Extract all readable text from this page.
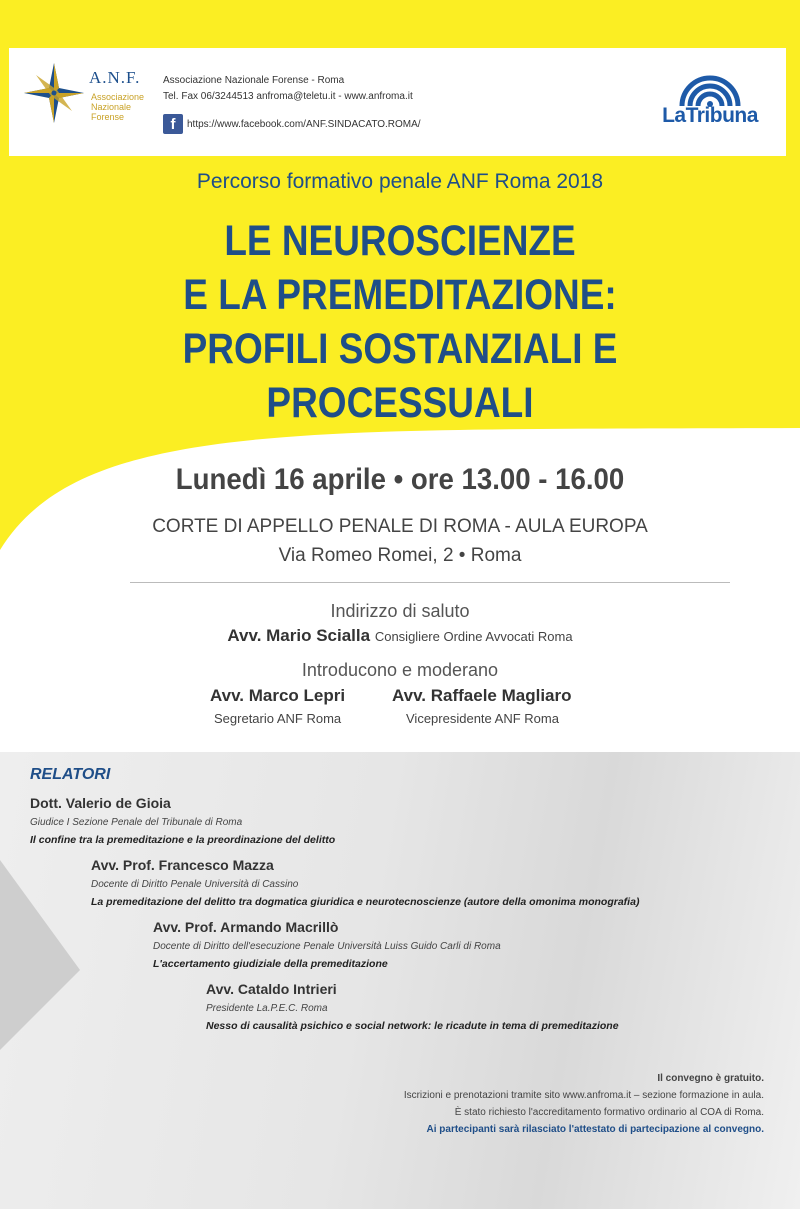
A.N.F.
Associazione
Nazionale
Forense
Associazione Nazionale Forense - Roma
Tel. Fax 06/3244513 anfroma@teletu.it - www.anfroma.it
f	https://www.facebook.com/ANF.SINDACATO.ROMA/	LaTribuna
Percorso formativo penale ANF Roma 2018
LE NEUROSCIENZE
E LA PREMEDITAZIONE:
PROFILI SOSTANZIALI E PROCESSUALI
Lunedì 16 aprile • ore 13.00 - 16.00
CORTE DI APPELLO PENALE DI ROMA - AULA EUROPA
Via Romeo Romei, 2 • Roma
Indirizzo di saluto
Avv. Mario Scialla Consigliere Ordine Avvocati Roma
Introducono e moderano
Avv. Marco Lepri
Segretario ANF Roma
Avv. Raffaele Magliaro
Vicepresidente ANF Roma
RELATORI
Dott. Valerio de Gioia
Giudice I Sezione Penale del Tribunale di Roma
Il confine tra la premeditazione e la preordinazione del delitto
Avv. Prof. Francesco Mazza
Docente di Diritto Penale Università di Cassino
La premeditazione del delitto tra dogmatica giuridica e neurotecnoscienze (autore della omonima monografia)
Avv. Prof. Armando Macrillò
Docente di Diritto dell'esecuzione Penale Università Luiss Guido Carli di Roma
L'accertamento giudiziale della premeditazione
Avv. Cataldo Intrieri
Presidente La.P.E.C. Roma
Nesso di causalità psichico e social network: le ricadute in tema di premeditazione
Il convegno è gratuito.
Iscrizioni e prenotazioni tramite sito www.anfroma.it – sezione formazione in aula.
È stato richiesto l'accreditamento formativo ordinario al COA di Roma.
Ai partecipanti sarà rilasciato l'attestato di partecipazione al convegno.
